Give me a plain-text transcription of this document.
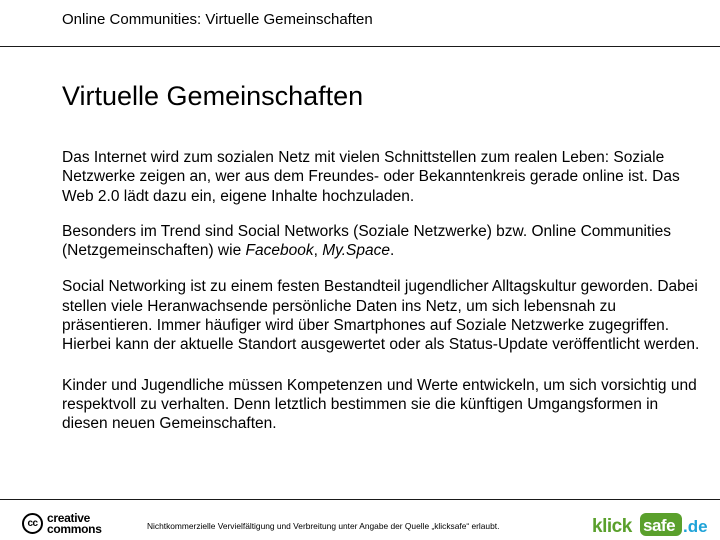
Online Communities: Virtuelle Gemeinschaften
Virtuelle Gemeinschaften

Das Internet wird zum sozialen Netz mit vielen Schnittstellen zum realen Leben: Soziale Netzwerke zeigen an, wer aus dem Freundes- oder Bekanntenkreis gerade online ist. Das Web 2.0 lädt dazu ein, eigene Inhalte hochzuladen.

Besonders im Trend sind Social Networks (Soziale Netzwerke) bzw. Online Communities (Netzgemeinschaften) wie Facebook, My.Space.

Social Networking ist zu einem festen Bestandteil jugendlicher Alltagskultur geworden. Dabei stellen viele Heranwachsende persönliche Daten ins Netz, um sich lebensnah zu präsentieren. Immer häufiger wird über Smartphones auf Soziale Netzwerke zugegriffen. Hierbei kann der aktuelle Standort ausgewertet oder als Status-Update veröffentlicht werden.

Kinder und Jugendliche müssen Kompetenzen und Werte entwickeln, um sich vorsichtig und respektvoll zu verhalten. Denn letztlich bestimmen sie die künftigen Umgangsformen in diesen neuen Gemeinschaften.

cc creative
commons	Nichtkommerzielle Vervielfältigung und Verbreitung unter Angabe der Quelle „klicksafe“ erlaubt.	klick safe .de
